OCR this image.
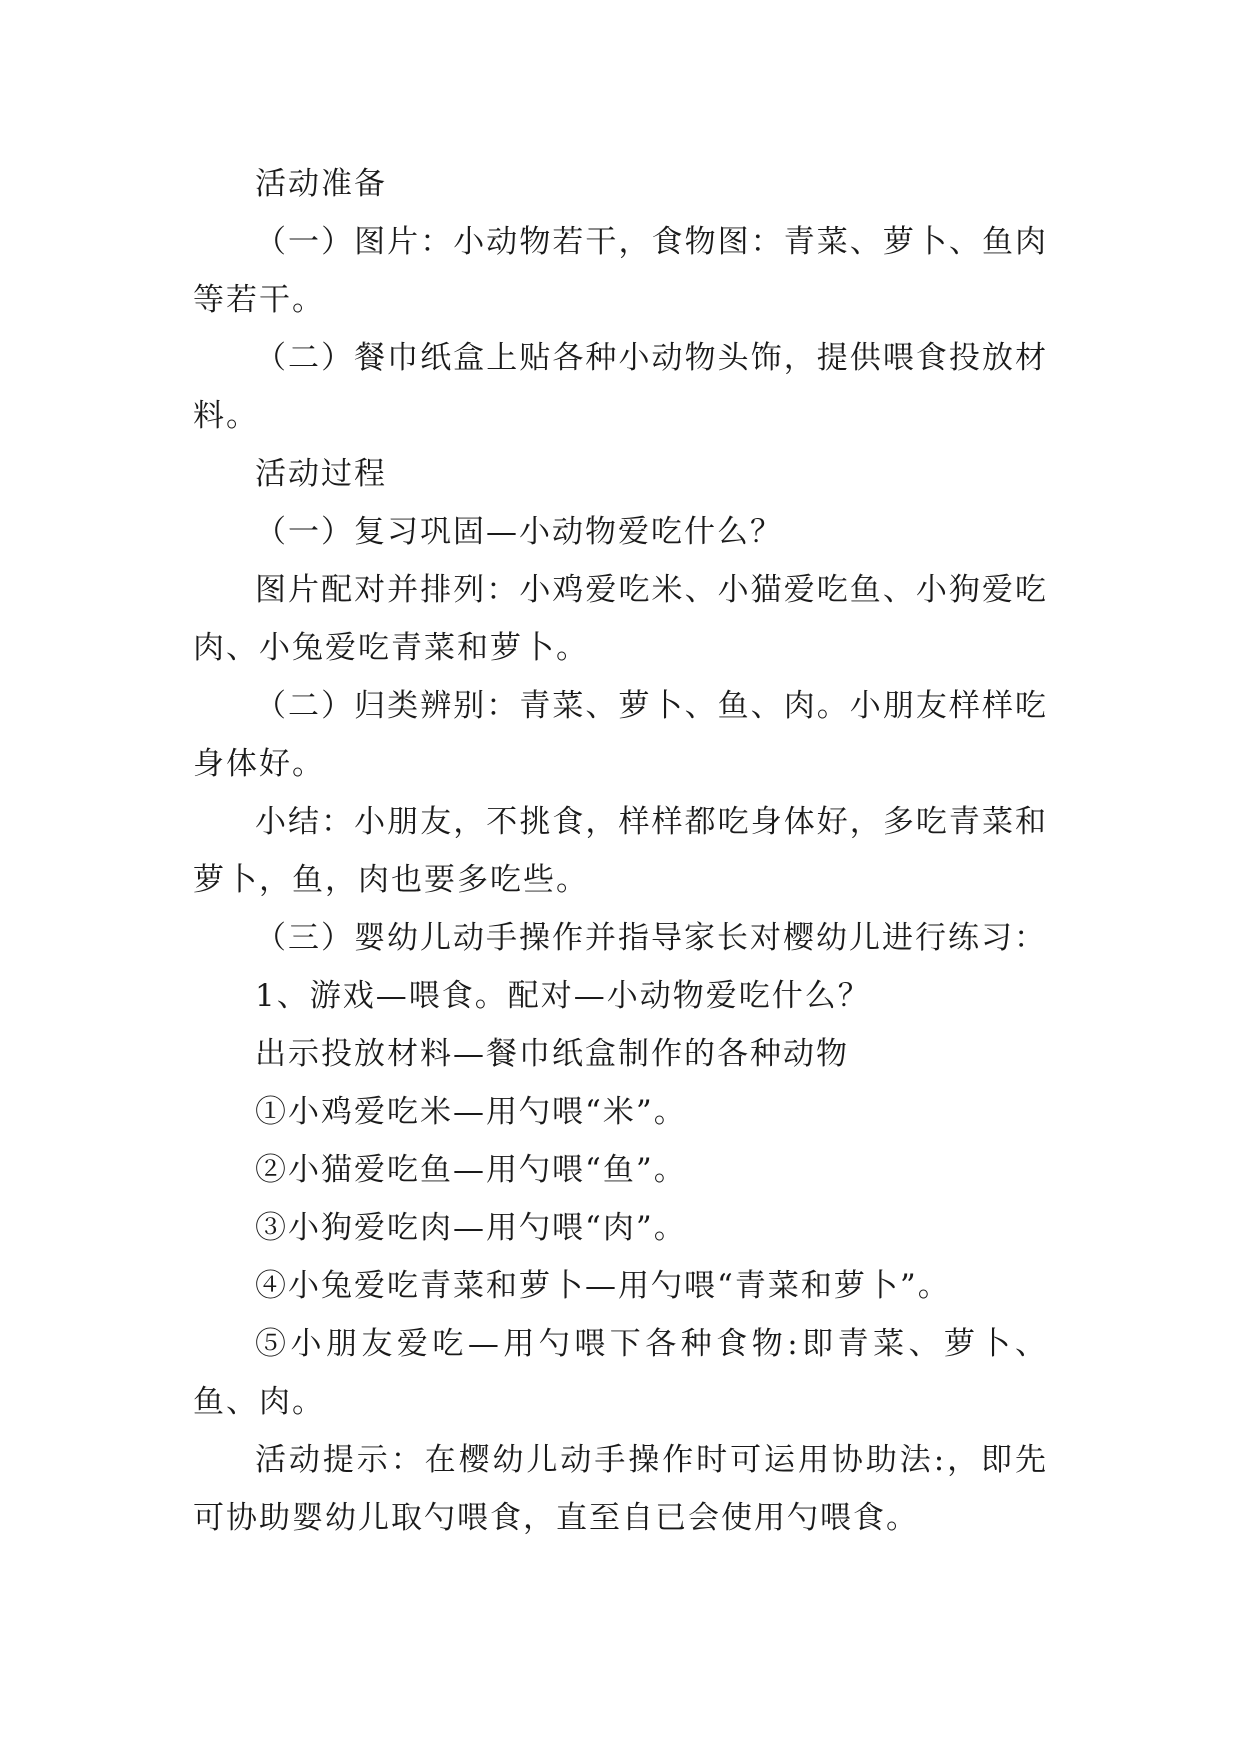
活动准备

（一）图片：小动物若干，食物图：青菜、萝卜、鱼肉等若干。

（二）餐巾纸盒上贴各种小动物头饰，提供喂食投放材料。

活动过程

（一）复习巩固—小动物爱吃什么？

图片配对并排列：小鸡爱吃米、小猫爱吃鱼、小狗爱吃肉、小兔爱吃青菜和萝卜。

（二）归类辨别：青菜、萝卜、鱼、肉。小朋友样样吃身体好。

小结：小朋友，不挑食，样样都吃身体好，多吃青菜和萝卜，鱼，肉也要多吃些。

（三）婴幼儿动手操作并指导家长对樱幼儿进行练习：

1、游戏—喂食。配对—小动物爱吃什么？

出示投放材料—餐巾纸盒制作的各种动物

①小鸡爱吃米—用勺喂“米”。

②小猫爱吃鱼—用勺喂“鱼”。

③小狗爱吃肉—用勺喂“肉”。

④小兔爱吃青菜和萝卜—用勺喂“青菜和萝卜”。

⑤小朋友爱吃—用勺喂下各种食物:即青菜、萝卜、鱼、肉。

活动提示：在樱幼儿动手操作时可运用协助法:，即先可协助婴幼儿取勺喂食，直至自已会使用勺喂食。
